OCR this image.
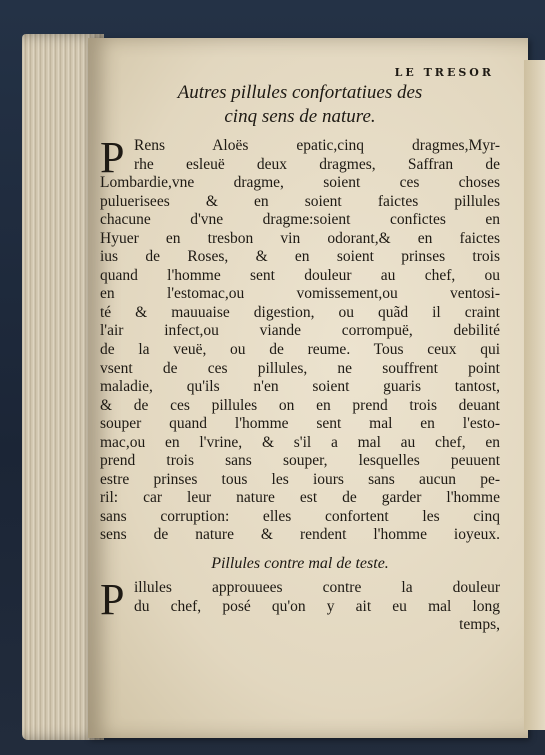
LE TRESOR
Autres pillules confortatiues des
cinq sens de nature.
P Rens Aloës epatic,cinq dragmes,Myr-
rhe esleuë deux dragmes, Saffran de
Lombardie,vne dragme, soient ces choses
puluerisees & en soient faictes pillules
chacune d'vne dragme:soient confictes en
Hyuer en tresbon vin odorant,& en faictes
ius de Roses, & en soient prinses trois
quand l'homme sent douleur au chef, ou
en l'estomac,ou vomissement,ou ventosi-
té & mauuaise digestion, ou quãd il craint
l'air infect,ou viande corrompuë, debilité
de la veuë, ou de reume. Tous ceux qui
vsent de ces pillules, ne souffrent point
maladie, qu'ils n'en soient guaris tantost,
& de ces pillules on en prend trois deuant
souper quand l'homme sent mal en l'esto-
mac,ou en l'vrine, & s'il a mal au chef, en
prend trois sans souper, lesquelles peuuent
estre prinses tous les iours sans aucun pe-
ril: car leur nature est de garder l'homme
sans corruption: elles confortent les cinq
sens de nature & rendent l'homme ioyeux.
Pillules contre mal de teste.
P illules approuuees contre la douleur
du chef, posé qu'on y ait eu mal long
temps,
